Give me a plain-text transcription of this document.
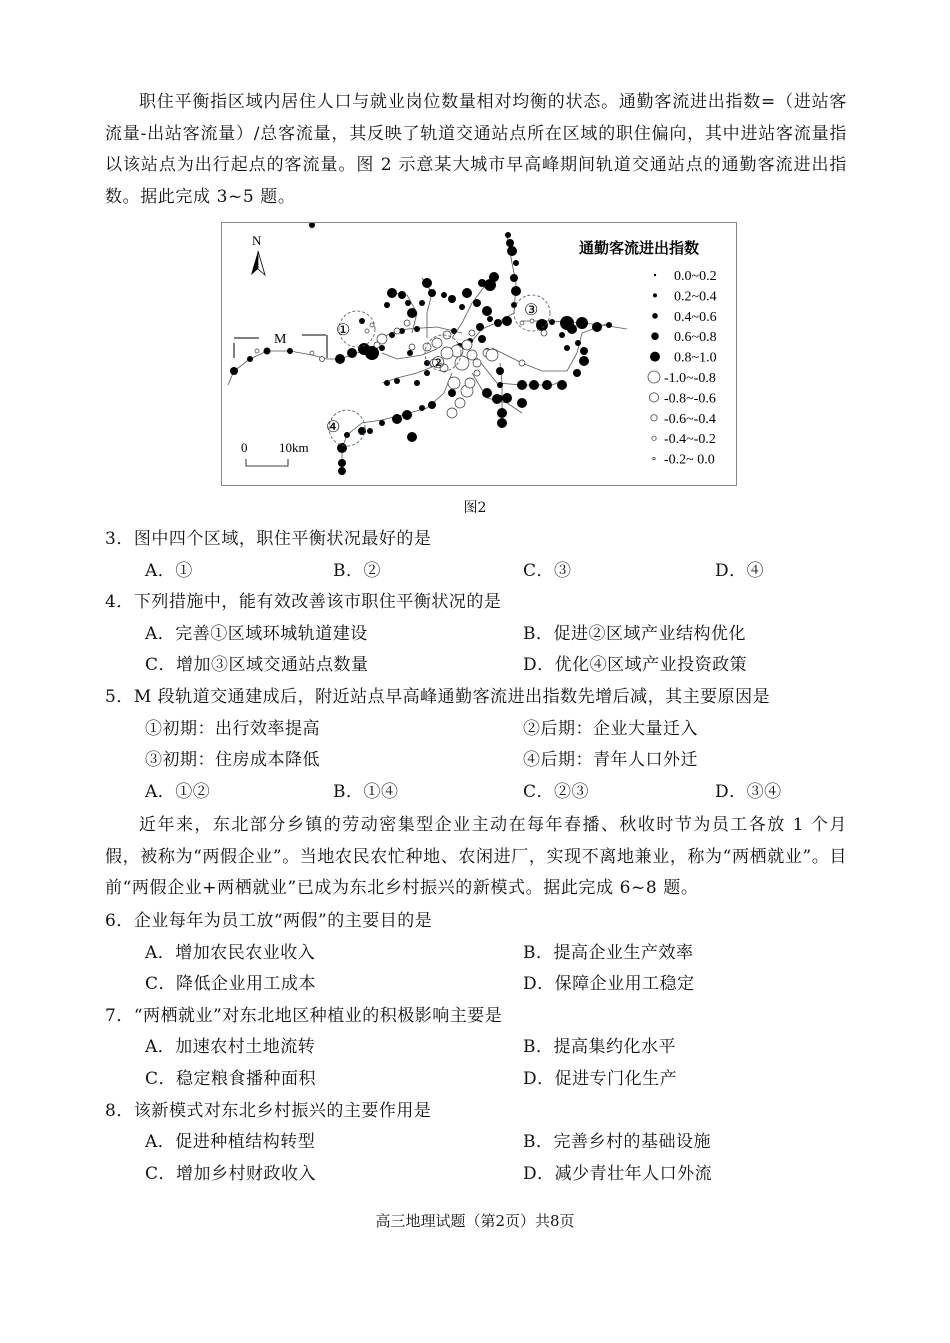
职住平衡指区域内居住人口与就业岗位数量相对均衡的状态。通勤客流进出指数=（进站客流量-出站客流量）/总客流量，其反映了轨道交通站点所在区域的职住偏向，其中进站客流量指以该站点为出行起点的客流量。图 2 示意某大城市早高峰期间轨道交通站点的通勤客流进出指数。据此完成 3~5 题。

N
M
0 10km
①
②
③
④
通勤客流进出指数
0.0~0.2
0.2~0.4
0.4~0.6
0.6~0.8
0.8~1.0
-1.0~-0.8
-0.8~-0.6
-0.6~-0.4
-0.4~-0.2
-0.2~ 0.0
图2
3．图中四个区域，职住平衡状况最好的是
A．①	B．②	C．③	D．④
4．下列措施中，能有效改善该市职住平衡状况的是
A．完善①区域环城轨道建设	B．促进②区域产业结构优化
C．增加③区域交通站点数量	D．优化④区域产业投资政策
5．M 段轨道交通建成后，附近站点早高峰通勤客流进出指数先增后减，其主要原因是
①初期：出行效率提高	②后期：企业大量迁入
③初期：住房成本降低	④后期：青年人口外迁
A．①②	B．①④	C．②③	D．③④

近年来，东北部分乡镇的劳动密集型企业主动在每年春播、秋收时节为员工各放 1 个月假，被称为“两假企业”。当地农民农忙种地、农闲进厂，实现不离地兼业，称为“两栖就业”。目前“两假企业+两栖就业”已成为东北乡村振兴的新模式。据此完成 6~8 题。

6．企业每年为员工放“两假”的主要目的是
A．增加农民农业收入	B．提高企业生产效率
C．降低企业用工成本	D．保障企业用工稳定
7．“两栖就业”对东北地区种植业的积极影响主要是
A．加速农村土地流转	B．提高集约化水平
C．稳定粮食播种面积	D．促进专门化生产
8．该新模式对东北乡村振兴的主要作用是
A．促进种植结构转型	B．完善乡村的基础设施
C．增加乡村财政收入	D．减少青壮年人口外流
高三地理试题（第2页）共8页
